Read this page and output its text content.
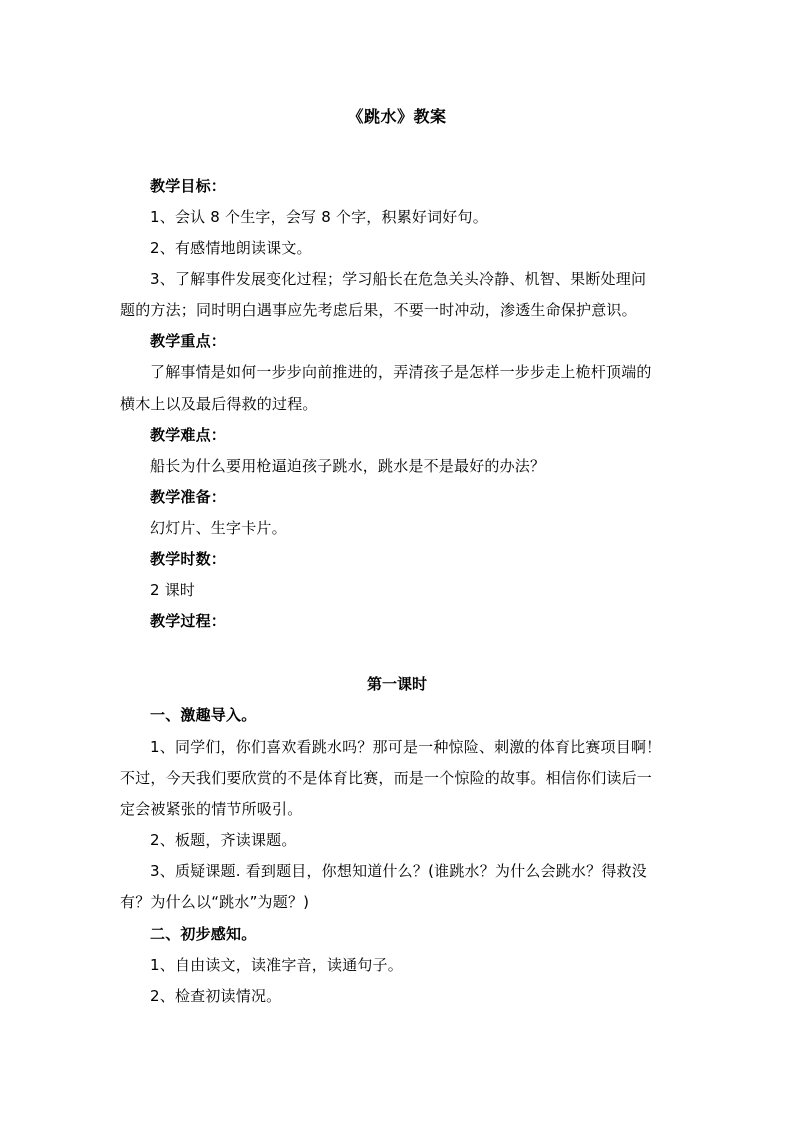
《跳水》教案
教学目标：
1、会认 8 个生字，会写 8 个字，积累好词好句。
2、有感情地朗读课文。
3、了解事件发展变化过程；学习船长在危急关头冷静、机智、果断处理问
题的方法；同时明白遇事应先考虑后果，不要一时冲动，渗透生命保护意识。
教学重点：
了解事情是如何一步步向前推进的，弄清孩子是怎样一步步走上桅杆顶端的
横木上以及最后得救的过程。
教学难点：
船长为什么要用枪逼迫孩子跳水，跳水是不是最好的办法？
教学准备：
幻灯片、生字卡片。
教学时数：
2 课时
教学过程：
第一课时
一、激趣导入。
1、同学们，你们喜欢看跳水吗？那可是一种惊险、刺激的体育比赛项目啊！
不过，今天我们要欣赏的不是体育比赛，而是一个惊险的故事。相信你们读后一
定会被紧张的情节所吸引。
2、板题，齐读课题。
3、质疑课题. 看到题目，你想知道什么？(谁跳水？为什么会跳水？得救没
有？为什么以“跳水”为题？)
二、初步感知。
1、自由读文，读准字音，读通句子。
2、检查初读情况。
